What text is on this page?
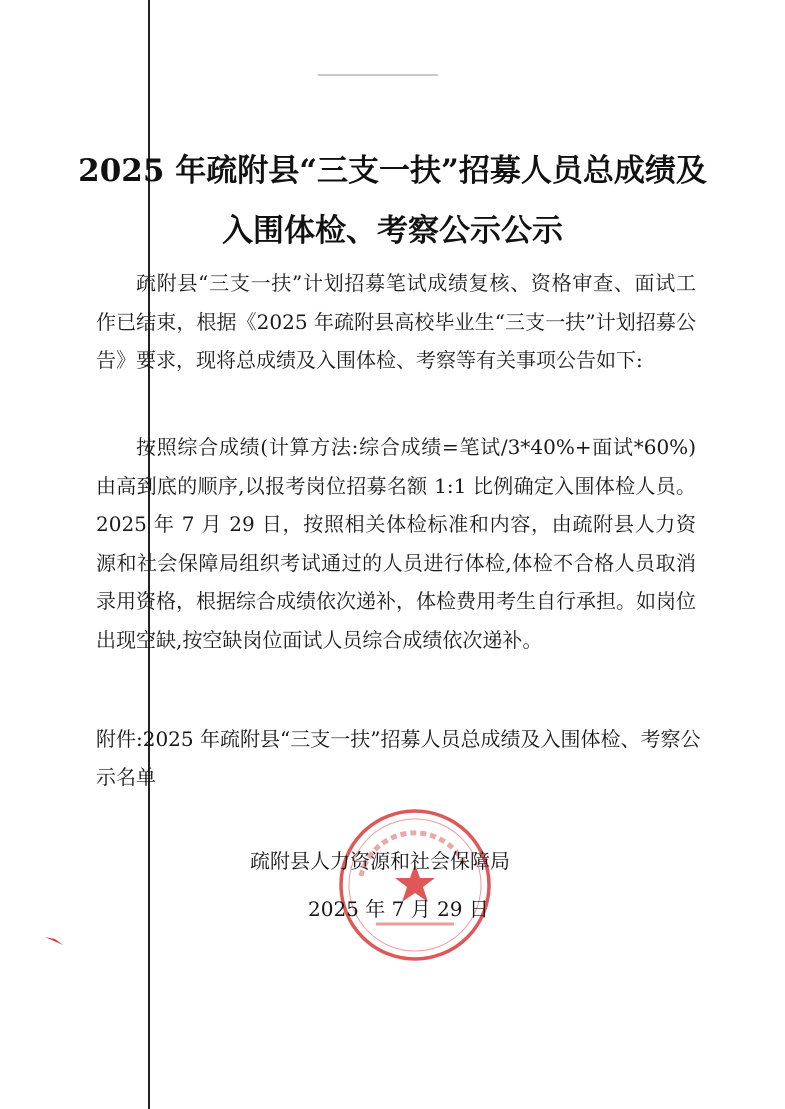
2025 年疏附县“三支一扶”招募人员总成绩及
入围体检、考察公示公示
疏附县“三支一扶”计划招募笔试成绩复核、资格审查、面试工作已结束，根据《2025 年疏附县高校毕业生“三支一扶”计划招募公告》要求，现将总成绩及入围体检、考察等有关事项公告如下:
按照综合成绩(计算方法:综合成绩=笔试/3*40%+面试*60%)由高到底的顺序,以报考岗位招募名额 1:1 比例确定入围体检人员。2025 年 7 月 29 日，按照相关体检标准和内容，由疏附县人力资源和社会保障局组织考试通过的人员进行体检,体检不合格人员取消录用资格，根据综合成绩依次递补，体检费用考生自行承担。如岗位出现空缺,按空缺岗位面试人员综合成绩依次递补。
附件:2025 年疏附县“三支一扶”招募人员总成绩及入围体检、考察公示名单
疏附县人力资源和社会保障局
2025 年 7 月 29 日
